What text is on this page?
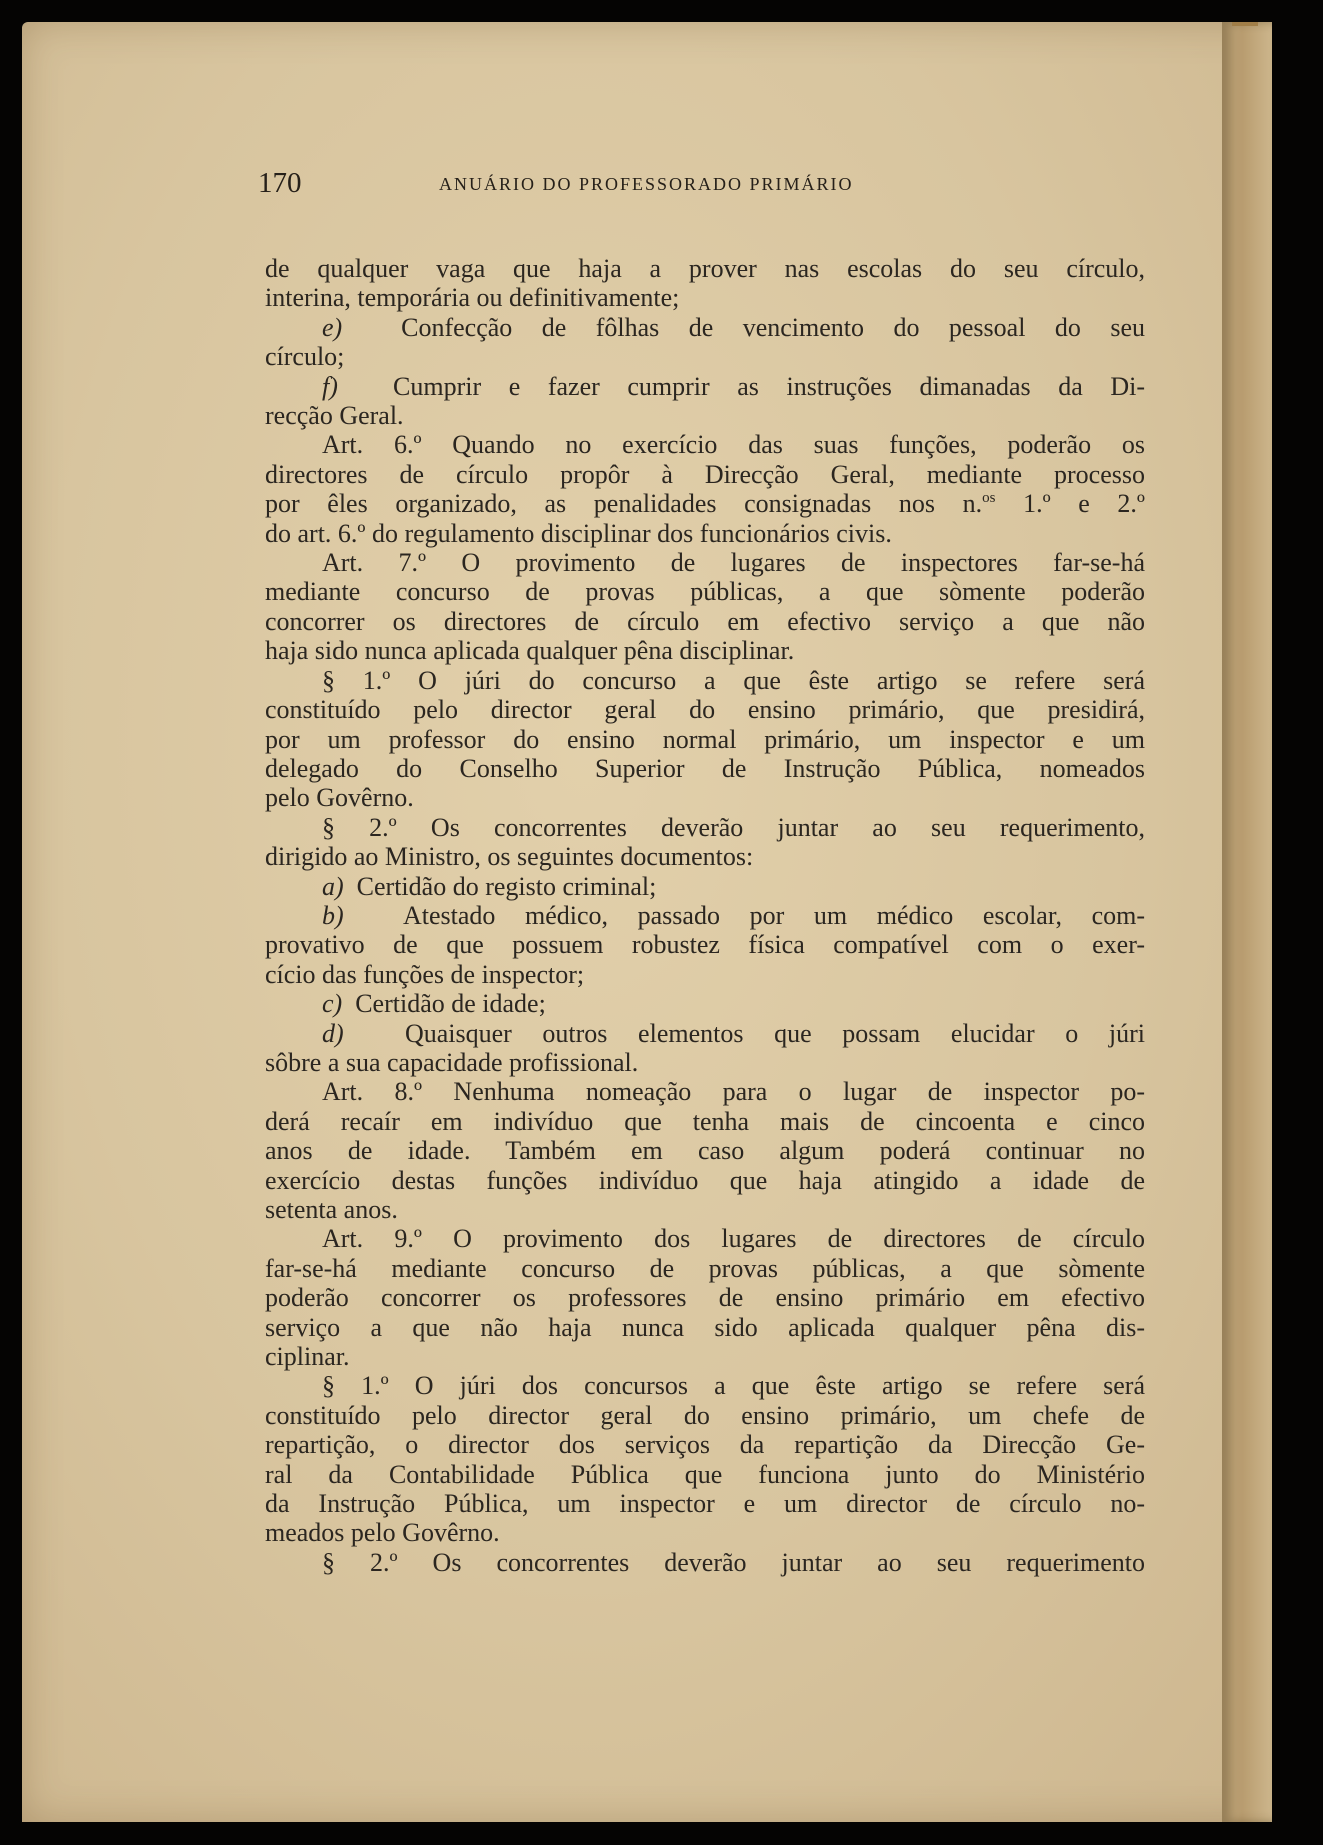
170	ANUÁRIO DO PROFESSORADO PRIMÁRIO
de qualquer vaga que haja a prover nas escolas do seu círculo,
interina, temporária ou definitivamente;
e) Confecção de fôlhas de vencimento do pessoal do seu
círculo;
f) Cumprir e fazer cumprir as instruções dimanadas da Di-
recção Geral.
Art. 6.º Quando no exercício das suas funções, poderão os
directores de círculo propôr à Direcção Geral, mediante processo
por êles organizado, as penalidades consignadas nos n.$^{os}$ 1.º e 2.º
do art. 6.º do regulamento disciplinar dos funcionários civis.
Art. 7.º O provimento de lugares de inspectores far-se-há
mediante concurso de provas públicas, a que sòmente poderão
concorrer os directores de círculo em efectivo serviço a que não
haja sido nunca aplicada qualquer pêna disciplinar.
§ 1.º O júri do concurso a que êste artigo se refere será
constituído pelo director geral do ensino primário, que presidirá,
por um professor do ensino normal primário, um inspector e um
delegado do Conselho Superior de Instrução Pública, nomeados
pelo Govêrno.
§ 2.º Os concorrentes deverão juntar ao seu requerimento,
dirigido ao Ministro, os seguintes documentos:
a) Certidão do registo criminal;
b) Atestado médico, passado por um médico escolar, com-
provativo de que possuem robustez física compatível com o exer-
cício das funções de inspector;
c) Certidão de idade;
d) Quaisquer outros elementos que possam elucidar o júri
sôbre a sua capacidade profissional.
Art. 8.º Nenhuma nomeação para o lugar de inspector po-
derá recaír em indivíduo que tenha mais de cincoenta e cinco
anos de idade. Também em caso algum poderá continuar no
exercício destas funções indivíduo que haja atingido a idade de
setenta anos.
Art. 9.º O provimento dos lugares de directores de círculo
far-se-há mediante concurso de provas públicas, a que sòmente
poderão concorrer os professores de ensino primário em efectivo
serviço a que não haja nunca sido aplicada qualquer pêna dis-
ciplinar.
§ 1.º O júri dos concursos a que êste artigo se refere será
constituído pelo director geral do ensino primário, um chefe de
repartição, o director dos serviços da repartição da Direcção Ge-
ral da Contabilidade Pública que funciona junto do Ministério
da Instrução Pública, um inspector e um director de círculo no-
meados pelo Govêrno.
§ 2.º Os concorrentes deverão juntar ao seu requerimento
